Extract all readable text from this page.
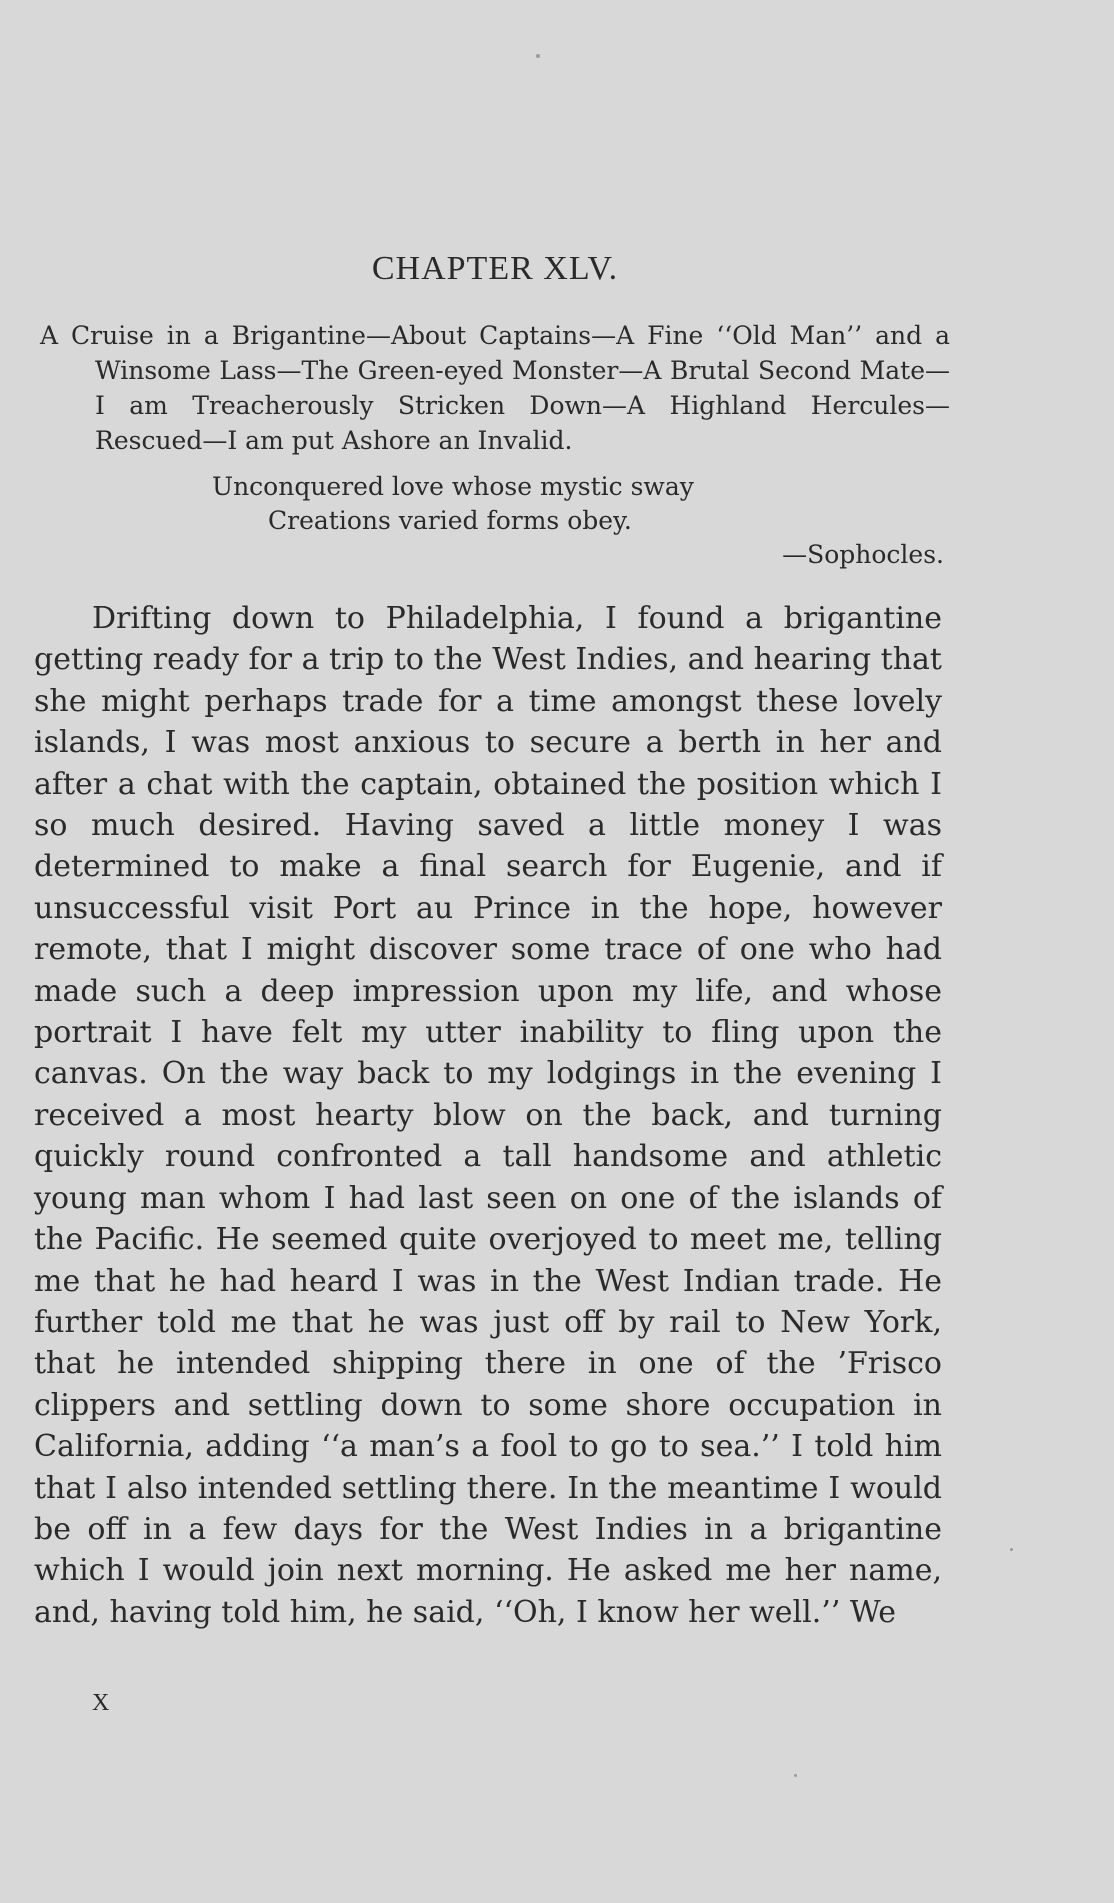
CHAPTER XLV.

A Cruise in a Brigantine—About Captains—A Fine ‘‘Old Man’’ and a Winsome Lass—The Green-eyed Monster—A Brutal Second Mate—I am Treacherously Stricken Down—A Highland Hercules—Rescued—I am put Ashore an Invalid.

Unconquered love whose mystic sway
Creations varied forms obey.
—Sophocles.

Drifting down to Philadelphia, I found a brigantine getting ready for a trip to the West Indies, and hearing that she might perhaps trade for a time amongst these lovely islands, I was most anxious to secure a berth in her and after a chat with the captain, obtained the position which I so much desired. Having saved a little money I was determined to make a final search for Eugenie, and if unsuccessful visit Port au Prince in the hope, however remote, that I might discover some trace of one who had made such a deep impression upon my life, and whose portrait I have felt my utter inability to fling upon the canvas. On the way back to my lodgings in the evening I received a most hearty blow on the back, and turning quickly round confronted a tall handsome and athletic young man whom I had last seen on one of the islands of the Pacific. He seemed quite overjoyed to meet me, telling me that he had heard I was in the West Indian trade. He further told me that he was just off by rail to New York, that he intended shipping there in one of the ’Frisco clippers and settling down to some shore occupation in California, adding ‘‘a man’s a fool to go to sea.’’ I told him that I also intended settling there. In the meantime I would be off in a few days for the West Indies in a brigantine which I would join next morning. He asked me her name, and, having told him, he said, ‘‘Oh, I know her well.’’ We

X
